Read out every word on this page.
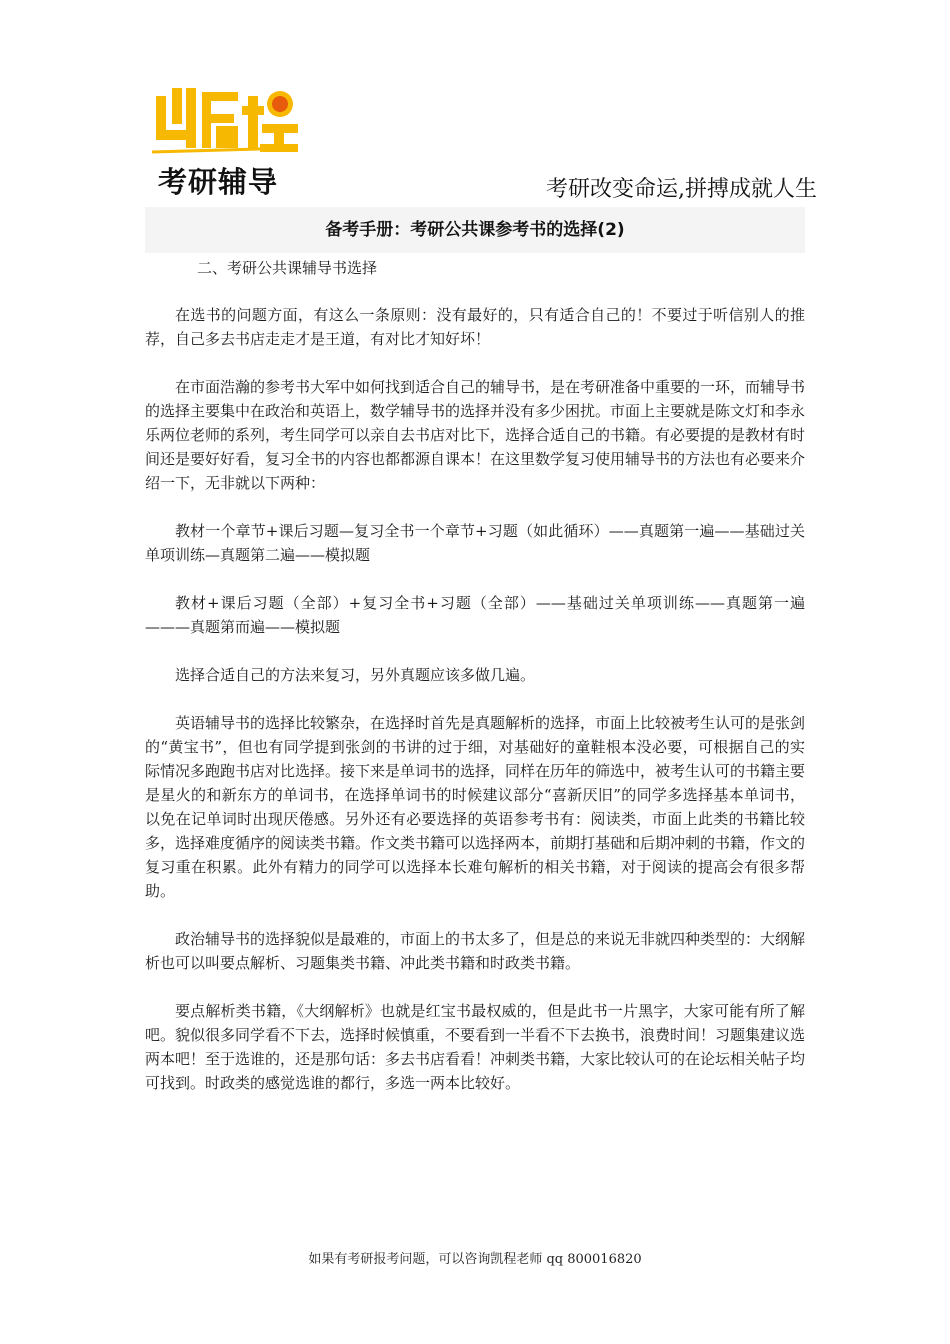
考研辅导	考研改变命运,拼搏成就人生
备考手册：考研公共课参考书的选择(2)

二、考研公共课辅导书选择

在选书的问题方面，有这么一条原则：没有最好的，只有适合自己的！不要过于听信别人的推荐，自己多去书店走走才是王道，有对比才知好坏！

在市面浩瀚的参考书大军中如何找到适合自己的辅导书，是在考研准备中重要的一环，而辅导书的选择主要集中在政治和英语上，数学辅导书的选择并没有多少困扰。市面上主要就是陈文灯和李永乐两位老师的系列，考生同学可以亲自去书店对比下，选择合适自己的书籍。有必要提的是教材有时间还是要好好看，复习全书的内容也都都源自课本！在这里数学复习使用辅导书的方法也有必要来介绍一下，无非就以下两种：

教材一个章节+课后习题—复习全书一个章节+习题（如此循环）——真题第一遍——基础过关单项训练—真题第二遍——模拟题

教材+课后习题（全部）+复习全书+习题（全部）——基础过关单项训练——真题第一遍———真题第而遍——模拟题

选择合适自己的方法来复习，另外真题应该多做几遍。

英语辅导书的选择比较繁杂，在选择时首先是真题解析的选择，市面上比较被考生认可的是张剑的“黄宝书”，但也有同学提到张剑的书讲的过于细，对基础好的童鞋根本没必要，可根据自己的实际情况多跑跑书店对比选择。接下来是单词书的选择，同样在历年的筛选中，被考生认可的书籍主要是星火的和新东方的单词书，在选择单词书的时候建议部分“喜新厌旧”的同学多选择基本单词书，以免在记单词时出现厌倦感。另外还有必要选择的英语参考书有：阅读类，市面上此类的书籍比较多，选择难度循序的阅读类书籍。作文类书籍可以选择两本，前期打基础和后期冲刺的书籍，作文的复习重在积累。此外有精力的同学可以选择本长难句解析的相关书籍，对于阅读的提高会有很多帮助。

政治辅导书的选择貌似是最难的，市面上的书太多了，但是总的来说无非就四种类型的：大纲解析也可以叫要点解析、习题集类书籍、冲此类书籍和时政类书籍。

要点解析类书籍，《大纲解析》也就是红宝书最权威的，但是此书一片黑字，大家可能有所了解吧。貌似很多同学看不下去，选择时候慎重，不要看到一半看不下去换书，浪费时间！习题集建议选两本吧！至于选谁的，还是那句话：多去书店看看！冲刺类书籍，大家比较认可的在论坛相关帖子均可找到。时政类的感觉选谁的都行，多选一两本比较好。

如果有考研报考问题，可以咨询凯程老师 qq 800016820
